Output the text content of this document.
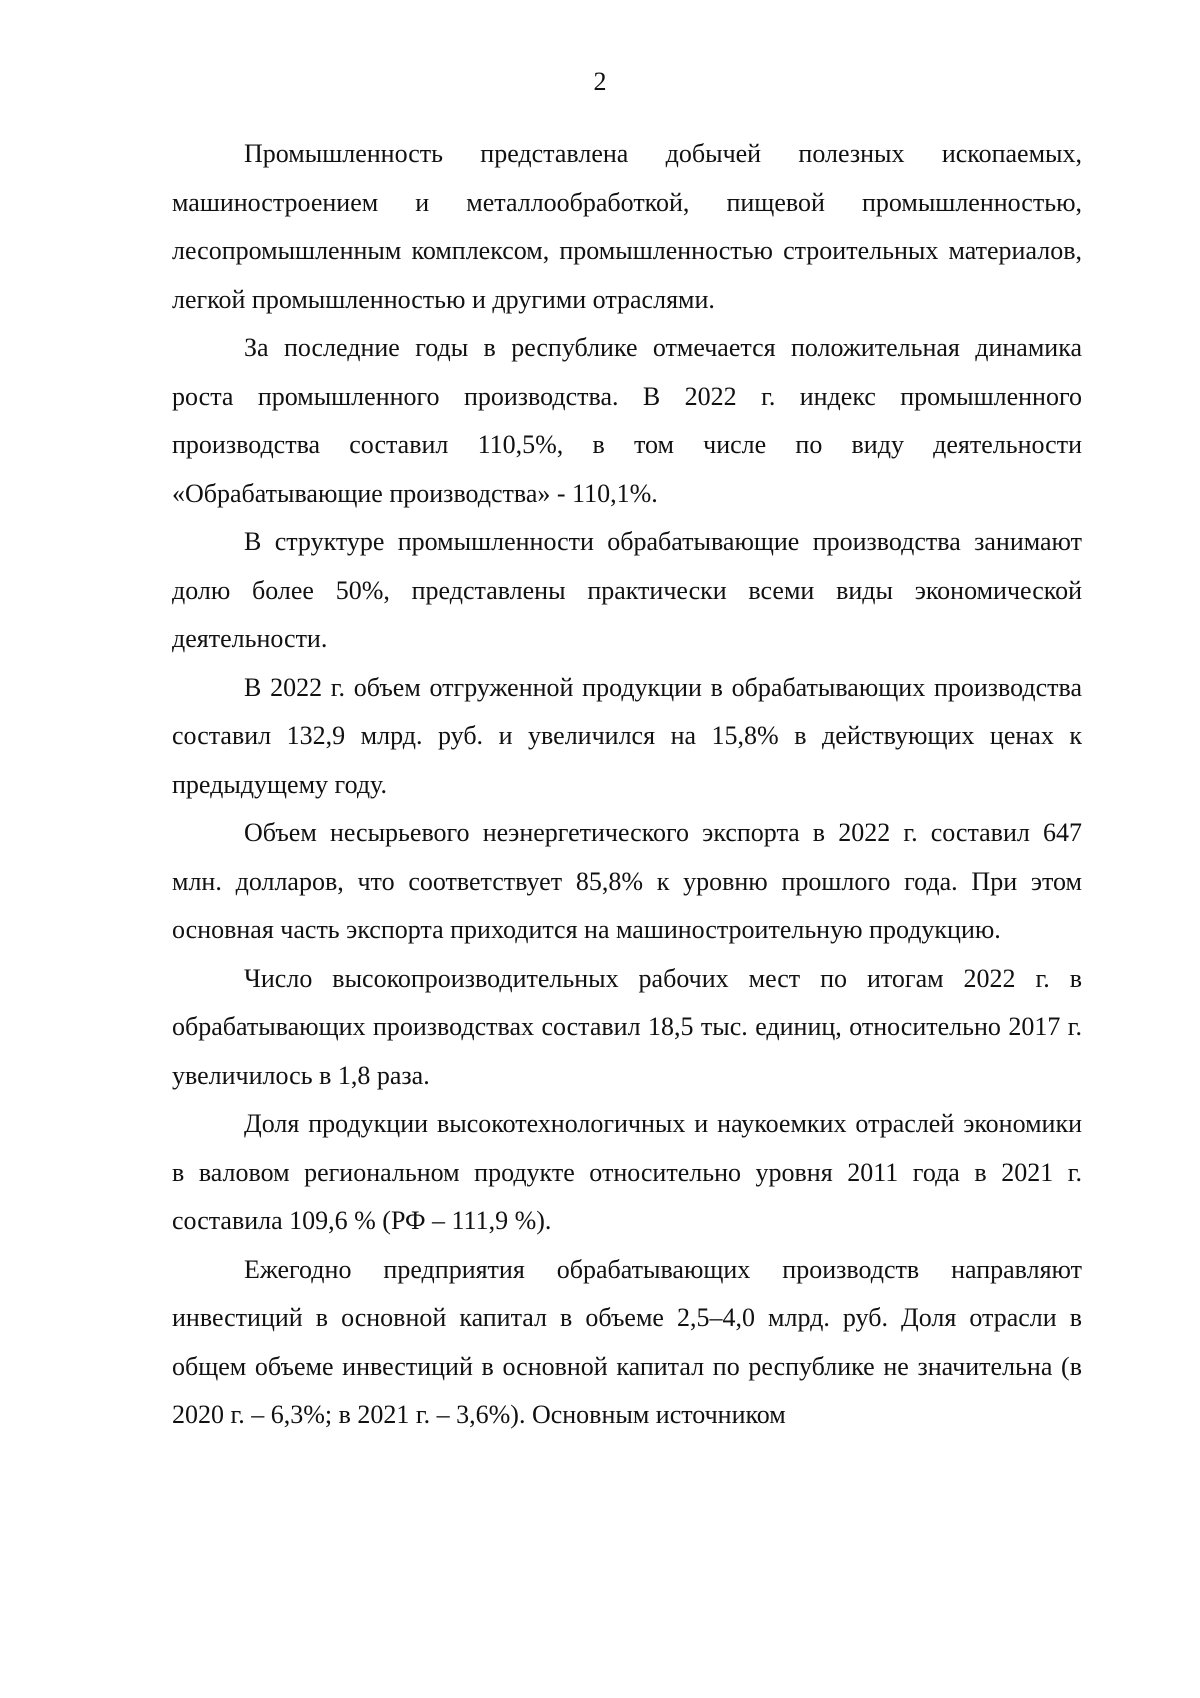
2

Промышленность представлена добычей полезных ископаемых, машиностроением и металлообработкой, пищевой промышленностью, лесопромышленным комплексом, промышленностью строительных материалов, легкой промышленностью и другими отраслями.

За последние годы в республике отмечается положительная динамика роста промышленного производства. В 2022 г. индекс промышленного производства составил 110,5%, в том числе по виду деятельности «Обрабатывающие производства» - 110,1%.

В структуре промышленности обрабатывающие производства занимают долю более 50%, представлены практически всеми виды экономической деятельности.

В 2022 г. объем отгруженной продукции в обрабатывающих производства составил 132,9 млрд. руб. и увеличился на 15,8% в действующих ценах к предыдущему году.

Объем несырьевого неэнергетического экспорта в 2022 г. составил 647 млн. долларов, что соответствует 85,8% к уровню прошлого года. При этом основная часть экспорта приходится на машиностроительную продукцию.

Число высокопроизводительных рабочих мест по итогам 2022 г. в обрабатывающих производствах составил 18,5 тыс. единиц, относительно 2017 г. увеличилось в 1,8 раза.

Доля продукции высокотехнологичных и наукоемких отраслей экономики в валовом региональном продукте относительно уровня 2011 года в 2021 г. составила 109,6 % (РФ – 111,9 %).

Ежегодно предприятия обрабатывающих производств направляют инвестиций в основной капитал в объеме 2,5–4,0 млрд. руб. Доля отрасли в общем объеме инвестиций в основной капитал по республике не значительна (в 2020 г. – 6,3%; в 2021 г. – 3,6%). Основным источником
